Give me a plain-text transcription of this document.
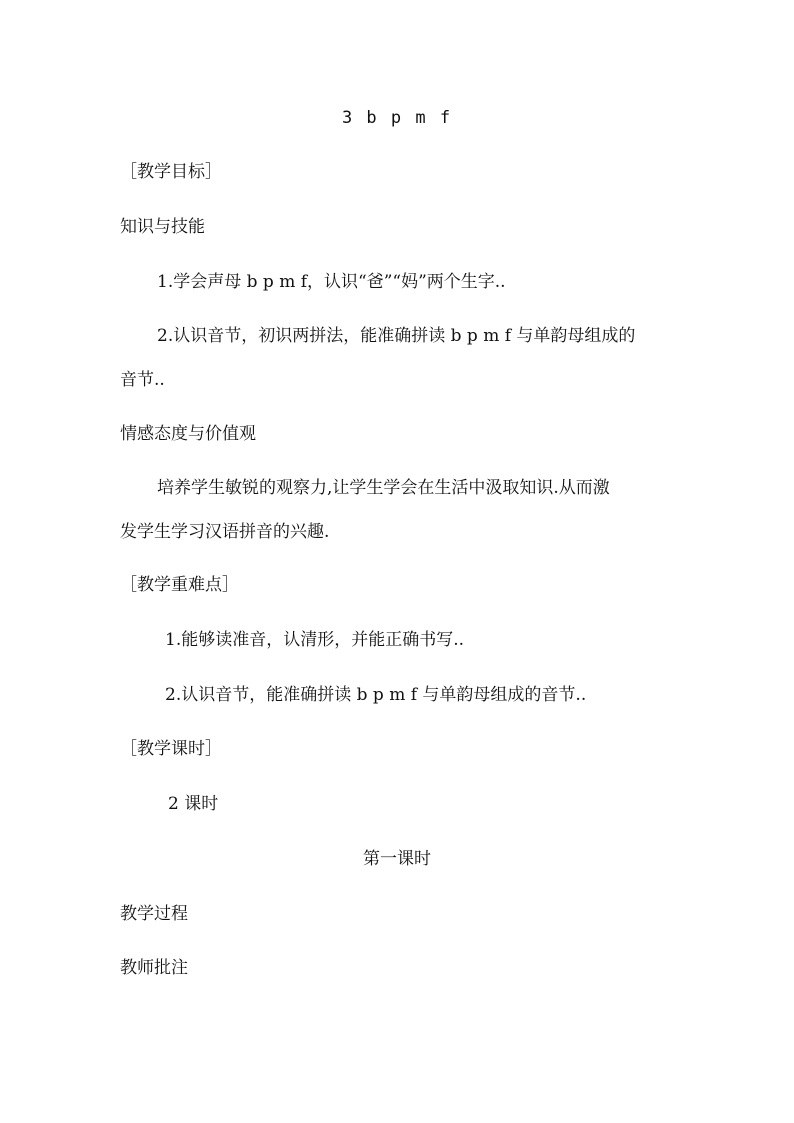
3 b p m f
［教学目标］
知识与技能
1.学会声母 b p m f，认识“爸”“妈”两个生字..
2.认识音节，初识两拼法，能准确拼读 b p m f 与单韵母组成的
音节..
情感态度与价值观
培养学生敏锐的观察力,让学生学会在生活中汲取知识.从而激
发学生学习汉语拼音的兴趣.
［教学重难点］
1.能够读准音，认清形，并能正确书写..
2.认识音节，能准确拼读 b p m f 与单韵母组成的音节..
［教学课时］
2 课时
第一课时
教学过程
教师批注
